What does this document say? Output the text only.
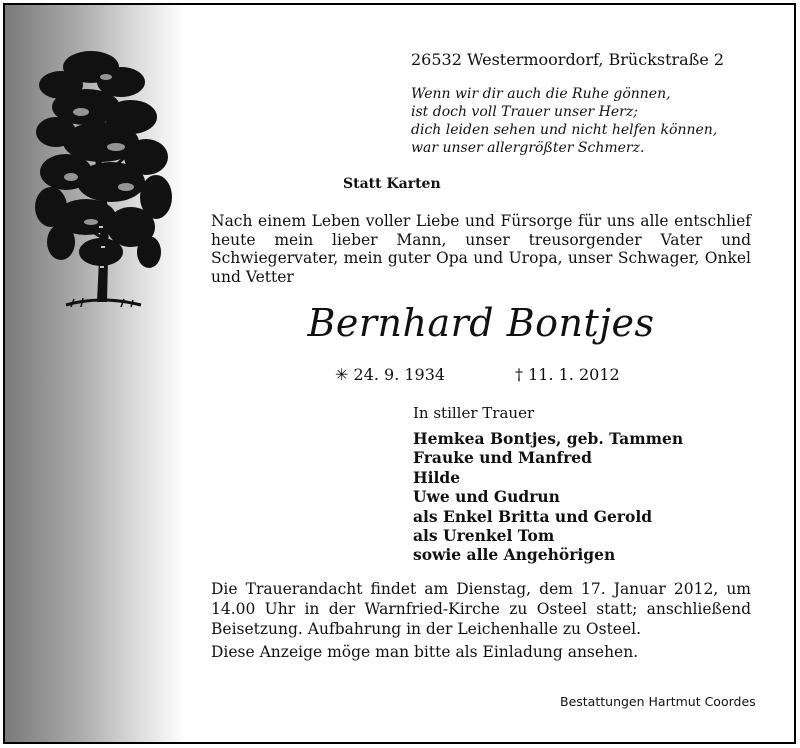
26532 Westermoordorf, Brückstraße 2
Wenn wir dir auch die Ruhe gönnen,
ist doch voll Trauer unser Herz;
dich leiden sehen und nicht helfen können,
war unser allergrößter Schmerz.
Statt Karten
Nach einem Leben voller Liebe und Fürsorge für uns alle entschlief
heute mein lieber Mann, unser treusorgender Vater und
Schwiegervater, mein guter Opa und Uropa, unser Schwager, Onkel
und Vetter
Bernhard Bontjes
✳ 24. 9. 1934	† 11. 1. 2012
In stiller Trauer
Hemkea Bontjes, geb. Tammen
Frauke und Manfred
Hilde
Uwe und Gudrun
als Enkel Britta und Gerold
als Urenkel Tom
sowie alle Angehörigen
Die Trauerandacht findet am Dienstag, dem 17. Januar 2012, um
14.00 Uhr in der Warnfried-Kirche zu Osteel statt; anschließend
Beisetzung. Aufbahrung in der Leichenhalle zu Osteel.
Diese Anzeige möge man bitte als Einladung ansehen.
Bestattungen Hartmut Coordes
